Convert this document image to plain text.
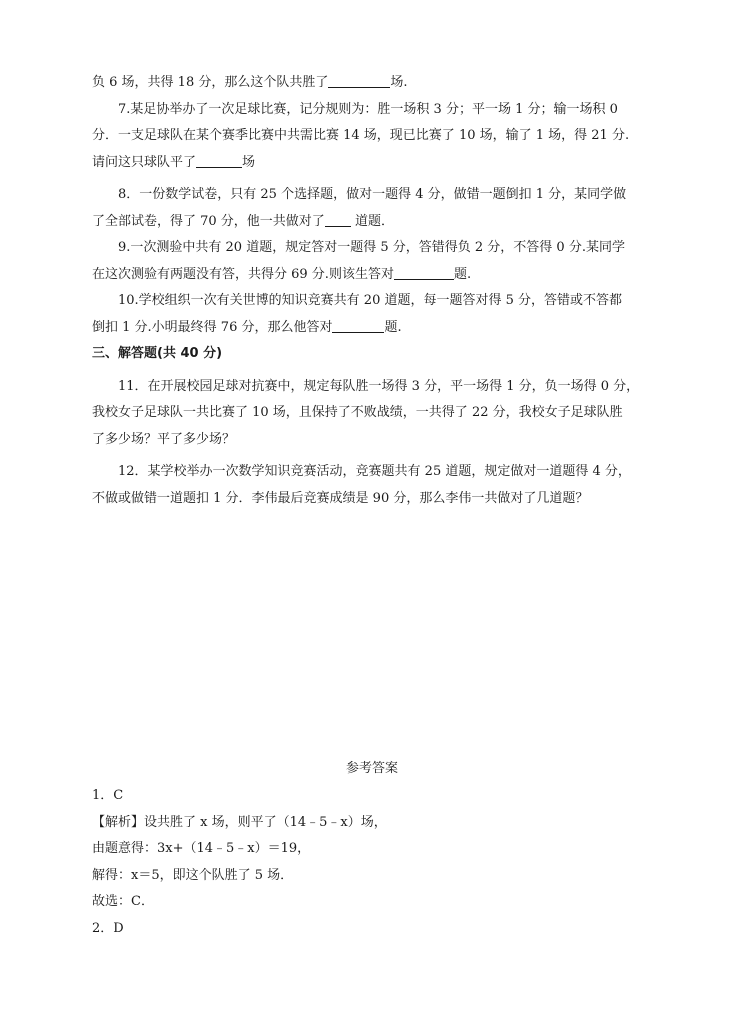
负 6 场，共得 18 分，那么这个队共胜了	场.
7.某足协举办了一次足球比赛，记分规则为：胜一场积 3 分；平一场 1 分；输一场积 0
分．一支足球队在某个赛季比赛中共需比赛 14 场，现已比赛了 10 场，输了 1 场，得 21 分.
请问这只球队平了	场
8．一份数学试卷，只有 25 个选择题，做对一题得 4 分，做错一题倒扣 1 分，某同学做
了全部试卷，得了 70 分，他一共做对了 道题．
9.一次测验中共有 20 道题，规定答对一题得 5 分，答错得负 2 分，不答得 0 分.某同学
在这次测验有两题没有答，共得分 69 分.则该生答对	题.
10.学校组织一次有关世博的知识竞赛共有 20 道题，每一题答对得 5 分，答错或不答都
倒扣 1 分.小明最终得 76 分，那么他答对	题.
三、解答题(共 40 分)
11．在开展校园足球对抗赛中，规定每队胜一场得 3 分，平一场得 1 分，负一场得 0 分，
我校女子足球队一共比赛了 10 场，且保持了不败战绩，一共得了 22 分，我校女子足球队胜
了多少场？平了多少场？
12．某学校举办一次数学知识竞赛活动，竞赛题共有 25 道题，规定做对一道题得 4 分，
不做或做错一道题扣 1 分．李伟最后竞赛成绩是 90 分，那么李伟一共做对了几道题？
参考答案
1．C
【解析】设共胜了 x 场，则平了（14﹣5﹣x）场，
由题意得：3x+（14﹣5﹣x）＝19，
解得：x＝5，即这个队胜了 5 场．
故选：C．
2．D
